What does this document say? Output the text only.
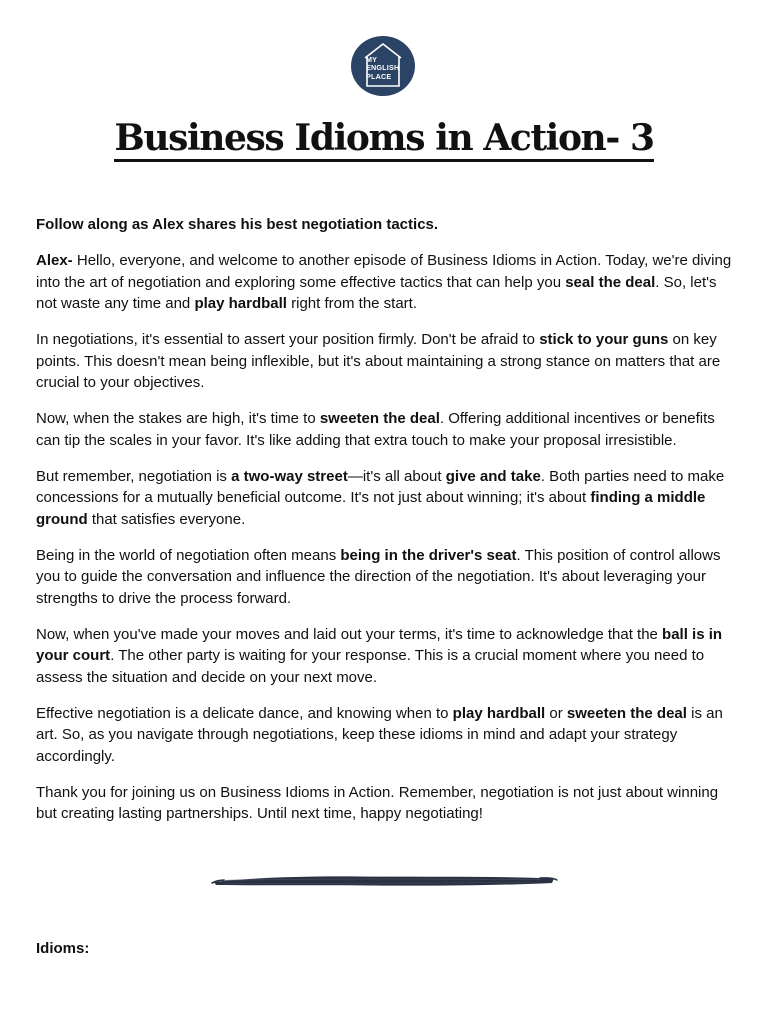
MY
ENGLISH
PLACE
Business Idioms in Action- 3

Follow along as Alex shares his best negotiation tactics.

Alex- Hello, everyone, and welcome to another episode of Business Idioms in Action. Today, we're diving into the art of negotiation and exploring some effective tactics that can help you seal the deal. So, let's not waste any time and play hardball right from the start.

In negotiations, it's essential to assert your position firmly. Don't be afraid to stick to your guns on key points. This doesn't mean being inflexible, but it's about maintaining a strong stance on matters that are crucial to your objectives.

Now, when the stakes are high, it's time to sweeten the deal. Offering additional incentives or benefits can tip the scales in your favor. It's like adding that extra touch to make your proposal irresistible.

But remember, negotiation is a two-way street—it's all about give and take. Both parties need to make concessions for a mutually beneficial outcome. It's not just about winning; it's about finding a middle ground that satisfies everyone.

Being in the world of negotiation often means being in the driver's seat. This position of control allows you to guide the conversation and influence the direction of the negotiation. It's about leveraging your strengths to drive the process forward.

Now, when you've made your moves and laid out your terms, it's time to acknowledge that the ball is in your court. The other party is waiting for your response. This is a crucial moment where you need to assess the situation and decide on your next move.

Effective negotiation is a delicate dance, and knowing when to play hardball or sweeten the deal is an art. So, as you navigate through negotiations, keep these idioms in mind and adapt your strategy accordingly.

Thank you for joining us on Business Idioms in Action. Remember, negotiation is not just about winning but creating lasting partnerships. Until next time, happy negotiating!

Idioms:
